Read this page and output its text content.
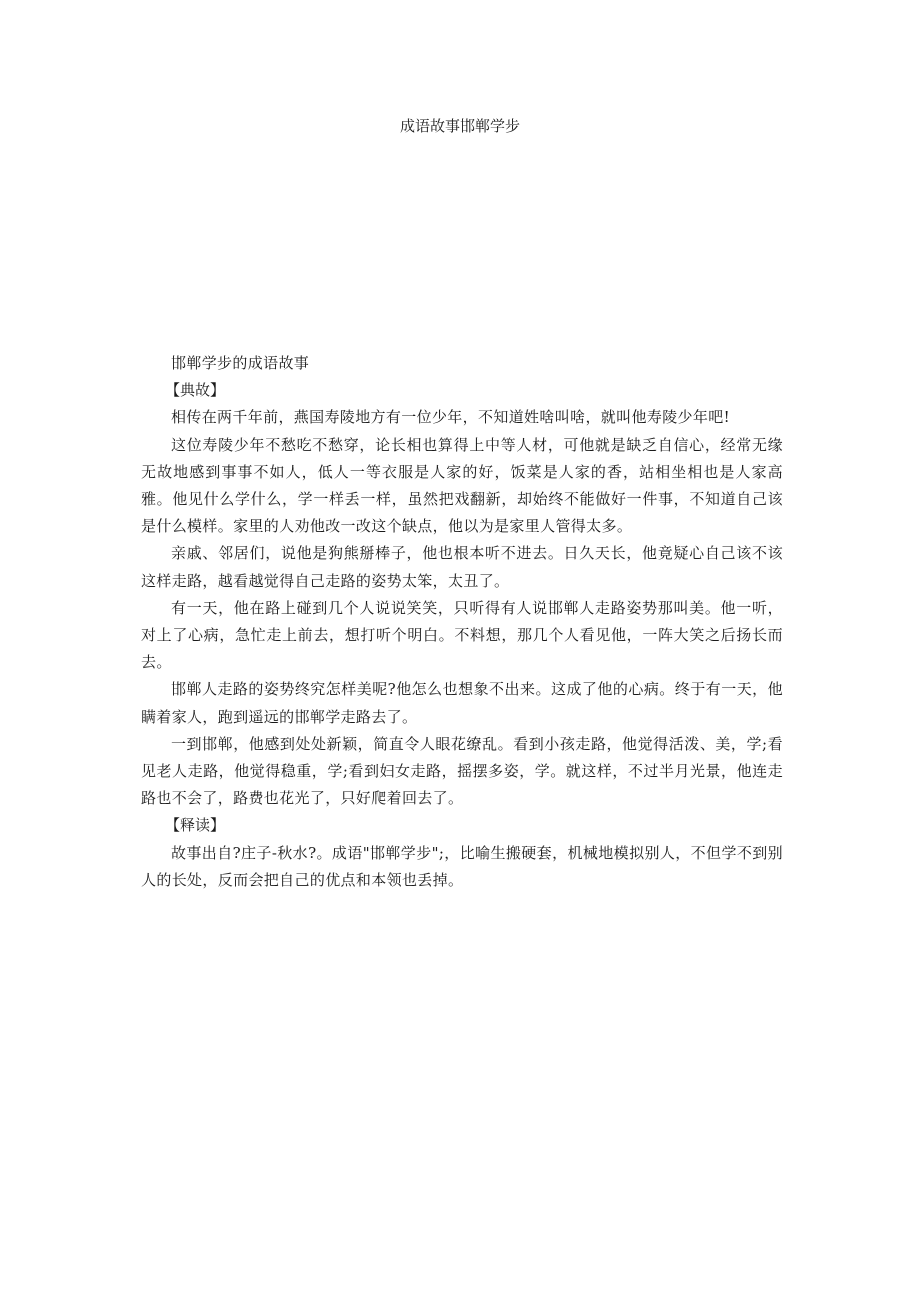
成语故事邯郸学步

邯郸学步的成语故事

【典故】

相传在两千年前，燕国寿陵地方有一位少年，不知道姓啥叫啥，就叫他寿陵少年吧!

这位寿陵少年不愁吃不愁穿，论长相也算得上中等人材，可他就是缺乏自信心，经常无缘无故地感到事事不如人，低人一等衣服是人家的好，饭菜是人家的香，站相坐相也是人家高雅。他见什么学什么，学一样丢一样，虽然把戏翻新，却始终不能做好一件事，不知道自己该是什么模样。家里的人劝他改一改这个缺点，他以为是家里人管得太多。

亲戚、邻居们，说他是狗熊掰棒子，他也根本听不进去。日久天长，他竟疑心自己该不该这样走路，越看越觉得自己走路的姿势太笨，太丑了。

有一天，他在路上碰到几个人说说笑笑，只听得有人说邯郸人走路姿势那叫美。他一听，对上了心病，急忙走上前去，想打听个明白。不料想，那几个人看见他，一阵大笑之后扬长而去。

邯郸人走路的姿势终究怎样美呢?他怎么也想象不出来。这成了他的心病。终于有一天，他瞒着家人，跑到遥远的邯郸学走路去了。

一到邯郸，他感到处处新颖，简直令人眼花缭乱。看到小孩走路，他觉得活泼、美，学;看见老人走路，他觉得稳重，学;看到妇女走路，摇摆多姿，学。就这样，不过半月光景，他连走路也不会了，路费也花光了，只好爬着回去了。

【释读】

故事出自?庄子-秋水?。成语"邯郸学步";，比喻生搬硬套，机械地模拟别人，不但学不到别人的长处，反而会把自己的优点和本领也丢掉。
